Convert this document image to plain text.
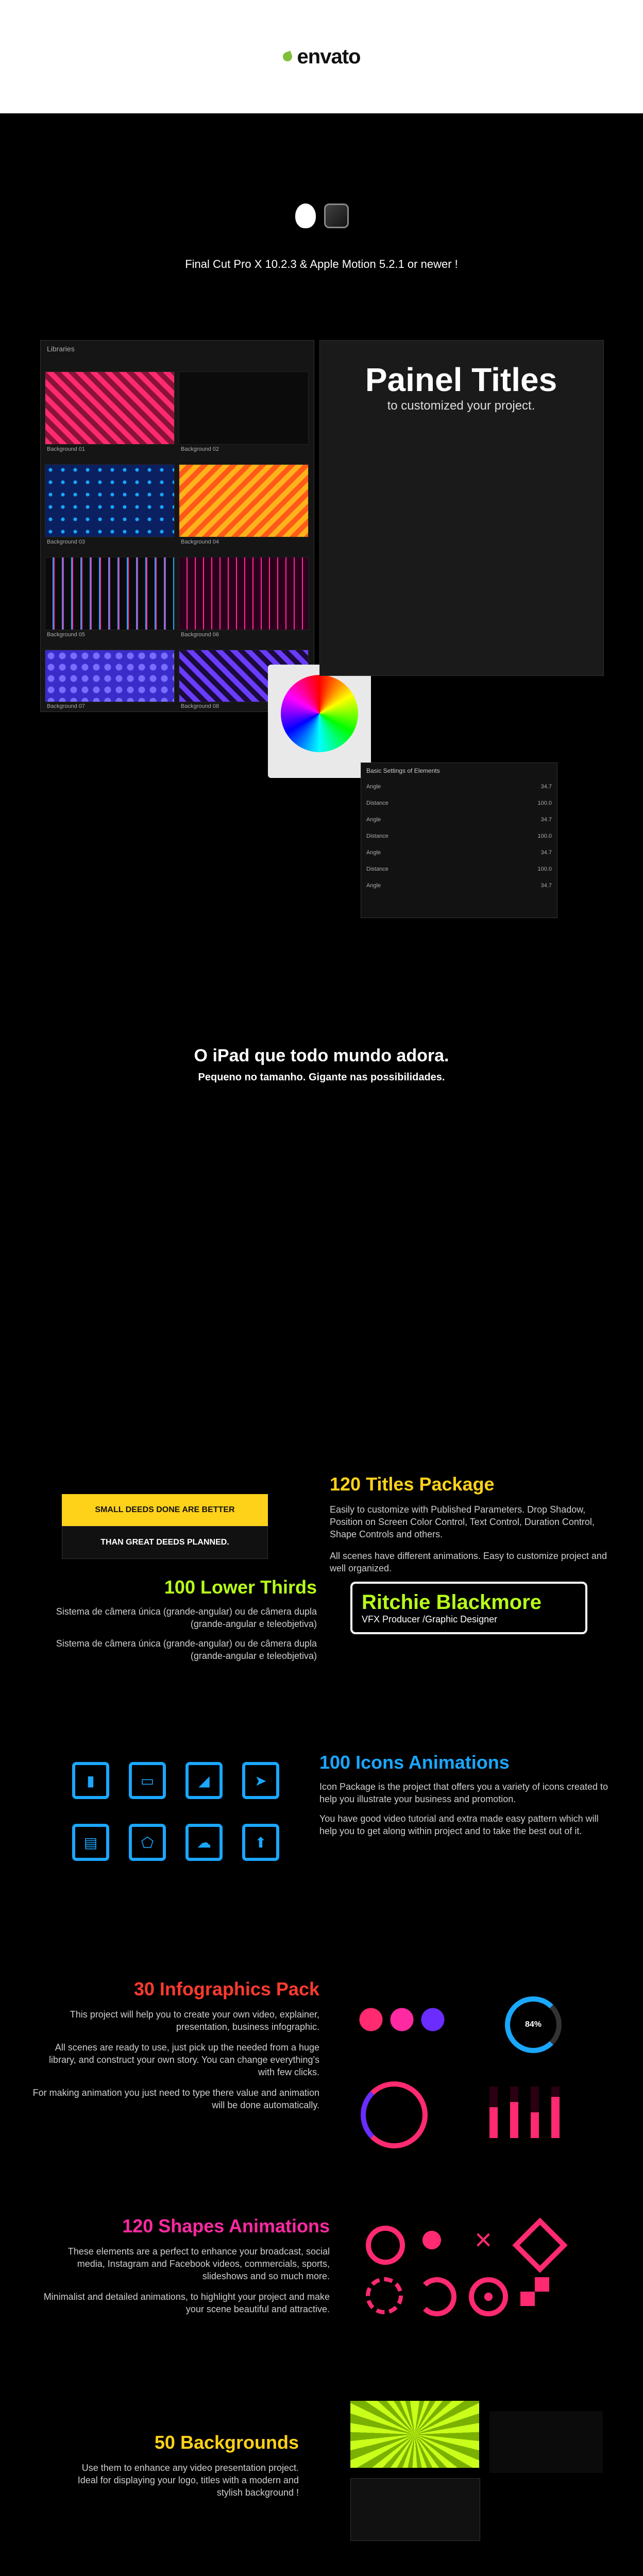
envato
Final Cut Pro X 10.2.3 & Apple Motion 5.2.1 or newer !
Libraries
Background 01	Background 02
Background 03	Background 04
Background 05	Background 06
Background 07	Background 08
Painel Titles
to customized your project.
Basic Settings of Elements
Angle	34.7
Distance	100.0
Angle	34.7
Distance	100.0
Angle	34.7
Distance	100.0
Angle	34.7
O iPad que todo mundo adora.
Pequeno no tamanho. Gigante nas possibilidades.
SMALL DEEDS DONE ARE BETTER
THAN GREAT DEEDS PLANNED.
120 Titles Package
Easily to customize with Published Parameters. Drop Shadow, Position on Screen Color Control, Text Control, Duration Control, Shape Controls and others.
All scenes have different animations. Easy to customize project and well organized.
100 Lower Thirds
Sistema de câmera única (grande-angular) ou de câmera dupla (grande-angular e teleobjetiva)
Sistema de câmera única (grande-angular) ou de câmera dupla (grande-angular e teleobjetiva)
Ritchie Blackmore
VFX Producer /Graphic Designer
▮	▭	◢	➤
▤	⬠	☁	⬆
100 Icons Animations
Icon Package is the project that offers you a variety of icons created to help you illustrate your business and promotion.
You have good video tutorial and extra made easy pattern which will help you to get along within project and to take the best out of it.
30 Infographics Pack
This project will help you to create your own video, explainer, presentation, business infographic.
All scenes are ready to use, just pick up the needed from a huge library, and construct your own story. You can change everything's with few clicks.
For making animation you just need to type there value and animation will be done automatically.
84%
120 Shapes Animations
These elements are a perfect to enhance your broadcast, social media, Instagram and Facebook videos, commercials, sports, slideshows and so much more.
Minimalist and detailed animations, to highlight your project and make your scene beautiful and attractive.
×
50 Backgrounds
Use them to enhance any video presentation project. Ideal for displaying your logo, titles with a modern and stylish background !
